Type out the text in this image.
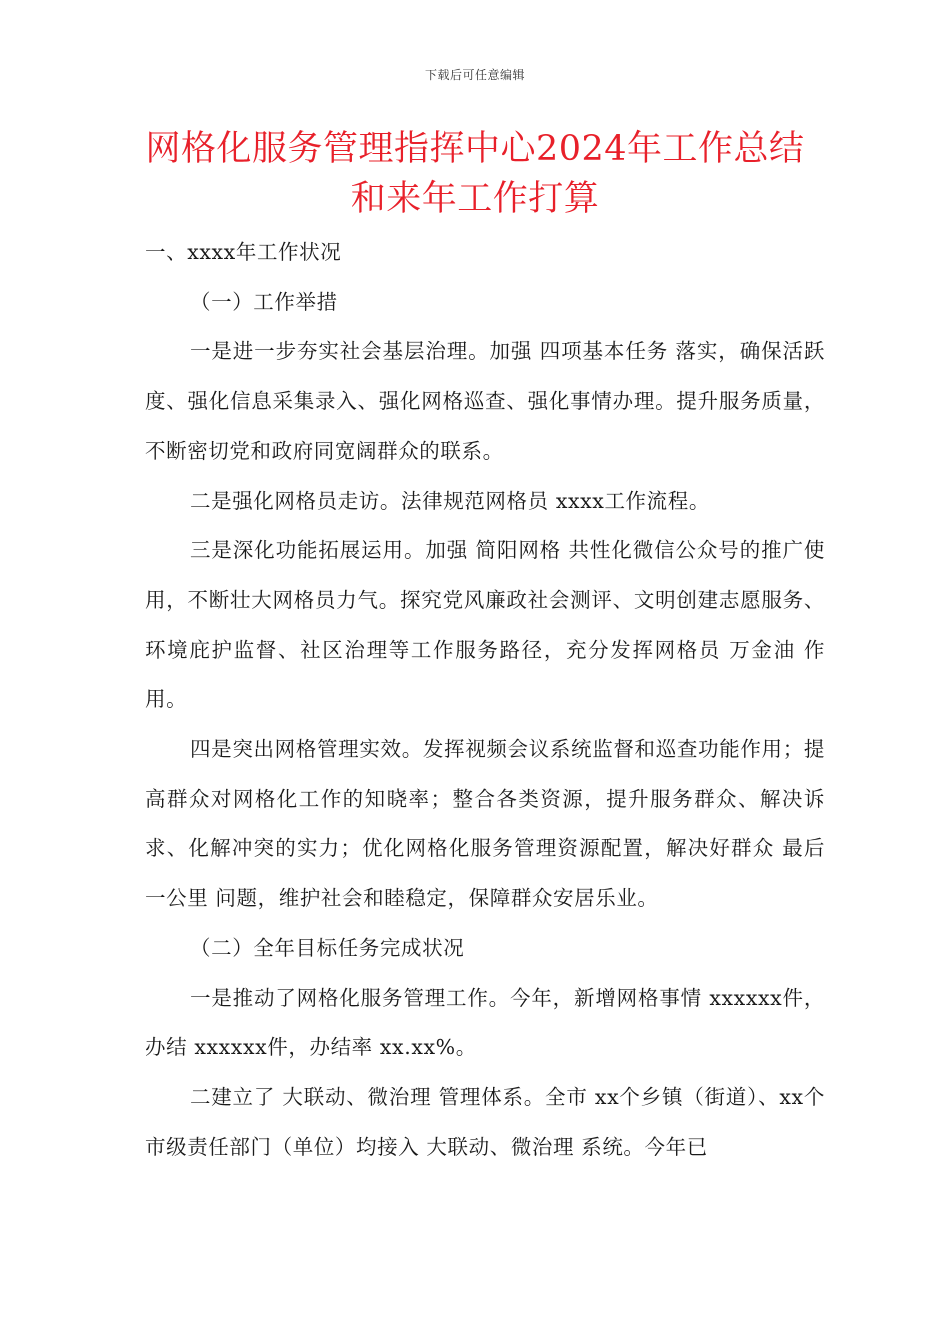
下载后可任意编辑
网格化服务管理指挥中心2024年工作总结
和来年工作打算

一、xxxx年工作状况

（一）工作举措

一是进一步夯实社会基层治理。加强 四项基本任务 落实，确保活跃度、强化信息采集录入、强化网格巡查、强化事情办理。提升服务质量，不断密切党和政府同宽阔群众的联系。

二是强化网格员走访。法律规范网格员 xxxx工作流程。

三是深化功能拓展运用。加强 简阳网格 共性化微信公众号的推广使用，不断壮大网格员力气。探究党风廉政社会测评、文明创建志愿服务、环境庇护监督、社区治理等工作服务路径，充分发挥网格员 万金油 作用。

四是突出网格管理实效。发挥视频会议系统监督和巡查功能作用；提高群众对网格化工作的知晓率；整合各类资源，提升服务群众、解决诉求、化解冲突的实力；优化网格化服务管理资源配置，解决好群众 最后一公里 问题，维护社会和睦稳定，保障群众安居乐业。

（二）全年目标任务完成状况

一是推动了网格化服务管理工作。今年，新增网格事情 xxxxxx件，办结 xxxxxx件，办结率 xx.xx%。

二建立了 大联动、微治理 管理体系。全市 xx个乡镇（街道）、xx个市级责任部门（单位）均接入 大联动、微治理 系统。今年已
